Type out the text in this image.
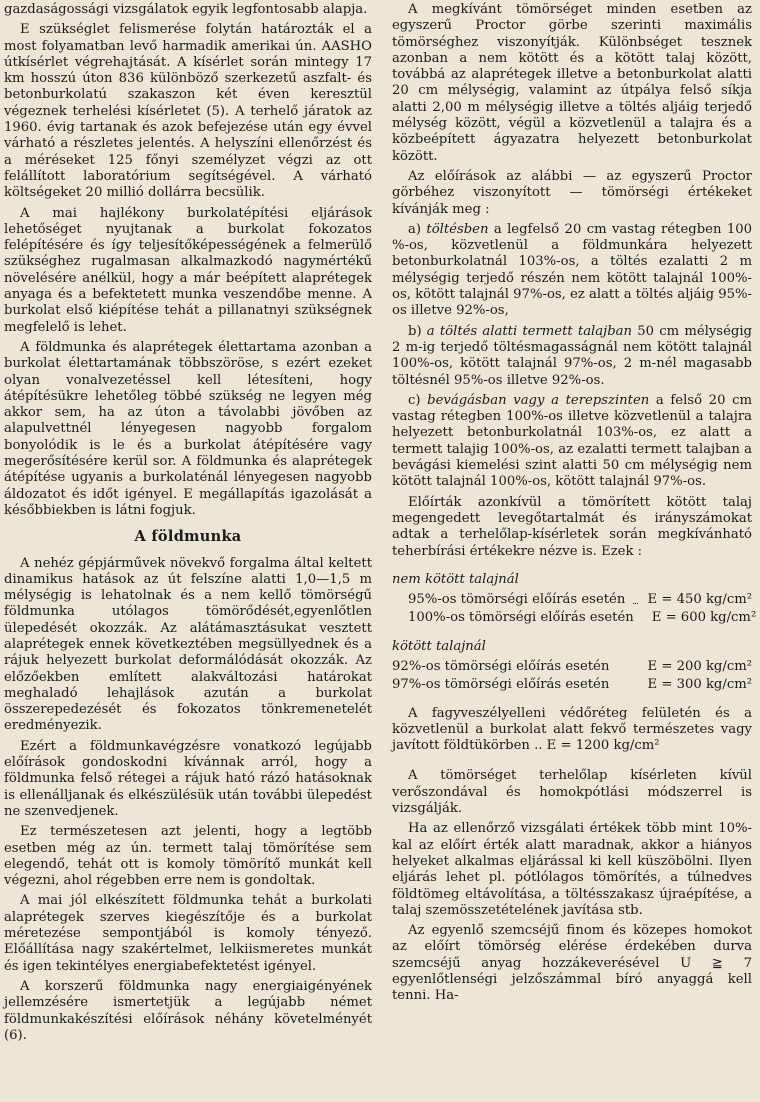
gazdaságossági vizsgálatok egyik legfontosabb alapja.

E szükséglet felismerése folytán határozták el a most folyamatban levő harmadik amerikai ún. AASHO útkísérlet végrehajtását. A kísérlet során mintegy 17 km hosszú úton 836 különböző szerkezetű aszfalt- és betonburkolatú szakaszon két éven keresztül végeznek terhelési kísérletet (5). A terhelő járatok az 1960. évig tartanak és azok befejezése után egy évvel várható a részletes jelentés. A helyszíni ellenőrzést és a méréseket 125 főnyi személyzet végzi az ott felállított laboratórium segítségével. A várható költségeket 20 millió dollárra becsülik.

A mai hajlékony burkolatépítési eljárások lehetőséget nyujtanak a burkolat fokozatos felépítésére és így teljesítőképességének a felmerülő szükséghez rugalmasan alkalmazkodó nagymértékű növelésére anélkül, hogy a már beépített alaprétegek anyaga és a befektetett munka veszendőbe menne. A burkolat első kiépítése tehát a pillanatnyi szükségnek megfelelő is lehet.

A földmunka és alaprétegek élettartama azonban a burkolat élettartamának többszöröse, s ezért ezeket olyan vonalvezetéssel kell létesíteni, hogy átépítésükre lehetőleg többé szükség ne legyen még akkor sem, ha az úton a távolabbi jövőben az alapulvettnél lényegesen nagyobb forgalom bonyolódik is le és a burkolat átépítésére vagy megerősítésére kerül sor. A földmunka és alaprétegek átépítése ugyanis a burkolaténál lényegesen nagyobb áldozatot és időt igényel. E megállapítás igazolását a későbbiekben is látni fogjuk.

A földmunka

A nehéz gépjárművek növekvő forgalma által keltett dinamikus hatások az út felszíne alatti 1,0—1,5 m mélységig is lehatolnak és a nem kellő tömörségű földmunka utólagos tömörődését,egyenlőtlen ülepedését okozzák. Az alátámasztásukat vesztett alaprétegek ennek következtében megsüllyednek és a rájuk helyezett burkolat deformálódását okozzák. Az előzőekben említett alakváltozási határokat meghaladó lehajlások azután a burkolat összerepedezését és fokozatos tönkremenetelét eredményezik.

Ezért a földmunkavégzésre vonatkozó legújabb előírások gondoskodni kívánnak arról, hogy a földmunka felső rétegei a rájuk ható rázó hatásoknak is ellenálljanak és elkészülésük után további ülepedést ne szenvedjenek.

Ez természetesen azt jelenti, hogy a legtöbb esetben még az ún. termett talaj tömörítése sem elegendő, tehát ott is komoly tömörítő munkát kell végezni, ahol régebben erre nem is gondoltak.

A mai jól elkészített földmunka tehát a burkolati alaprétegek szerves kiegészítője és a burkolat méretezése sempontjából is komoly tényező. Előállítása nagy szakértelmet, lelkiismeretes munkát és igen tekintélyes energiabefektetést igényel.

A korszerű földmunka nagy energiaigényének jellemzésére ismertetjük a legújabb német földmunkakészítési előírások néhány követelményét (6).

A megkívánt tömörséget minden esetben az egyszerű Proctor görbe szerinti maximális tömörséghez viszonyítják. Különbséget tesznek azonban a nem kötött és a kötött talaj között, továbbá az alaprétegek illetve a betonburkolat alatti 20 cm mélységig, valamint az útpálya felső síkja alatti 2,00 m mélységig illetve a töltés aljáig terjedő mélység között, végül a közvetlenül a talajra és a közbeépített ágyazatra helyezett betonburkolat között.

Az előírások az alábbi — az egyszerű Proctor görbéhez viszonyított — tömörségi értékeket kívánják meg :

a) töltésben a legfelső 20 cm vastag rétegben 100 %-os, közvetlenül a földmunkára helyezett betonburkolatnál 103%-os, a töltés ezalatti 2 m mélységig terjedő részén nem kötött talajnál 100%-os, kötött talajnál 97%-os, ez alatt a töltés aljáig 95%-os illetve 92%-os,

b) a töltés alatti termett talajban 50 cm mélységig 2 m-ig terjedő töltésmagasságnál nem kötött talajnál 100%-os, kötött talajnál 97%-os, 2 m-nél magasabb töltésnél 95%-os illetve 92%-os.

c) bevágásban vagy a terepszinten a felső 20 cm vastag rétegben 100%-os illetve közvetlenül a talajra helyezett betonburkolatnál 103%-os, ez alatt a termett talajig 100%-os, az ezalatti termett talajban a bevágási kiemelési szint alatti 50 cm mélységig nem kötött talajnál 100%-os, kötött talajnál 97%-os.

Előírták azonkívül a tömörített kötött talaj megengedett levegőtartalmát és irányszámokat adtak a terhelőlap-kísérletek során megkívánható teherbírási értékekre nézve is. Ezek :

nem kötött talajnál
95%-os tömörségi előírás esetén E = 450 kg/cm²
100%-os tömörségi előírás esetén E = 600 kg/cm²
kötött talajnál
92%-os tömörségi előírás esetén	E = 200 kg/cm²
97%-os tömörségi előírás esetén	E = 300 kg/cm²

A fagyveszélyelleni védőréteg felületén és a közvetlenül a burkolat alatt fekvő természetes vagy javított földtükörben .. E = 1200 kg/cm²

A tömörséget terhelőlap kísérleten kívül verőszondával és homokpótlási módszerrel is vizsgálják.

Ha az ellenőrző vizsgálati értékek több mint 10%-kal az előírt érték alatt maradnak, akkor a hiányos helyeket alkalmas eljárással ki kell küszöbölni. Ilyen eljárás lehet pl. pótlólagos tömörítés, a túlnedves földtömeg eltávolítása, a töltésszakasz újraépítése, a talaj szemösszetételének javítása stb.

Az egyenlő szemcséjű finom és közepes homokot az előírt tömörség elérése érdekében durva szemcséjű anyag hozzákeverésével U ≧ 7 egyenlőtlenségi jelzőszámmal bíró anyaggá kell tenni. Ha-
